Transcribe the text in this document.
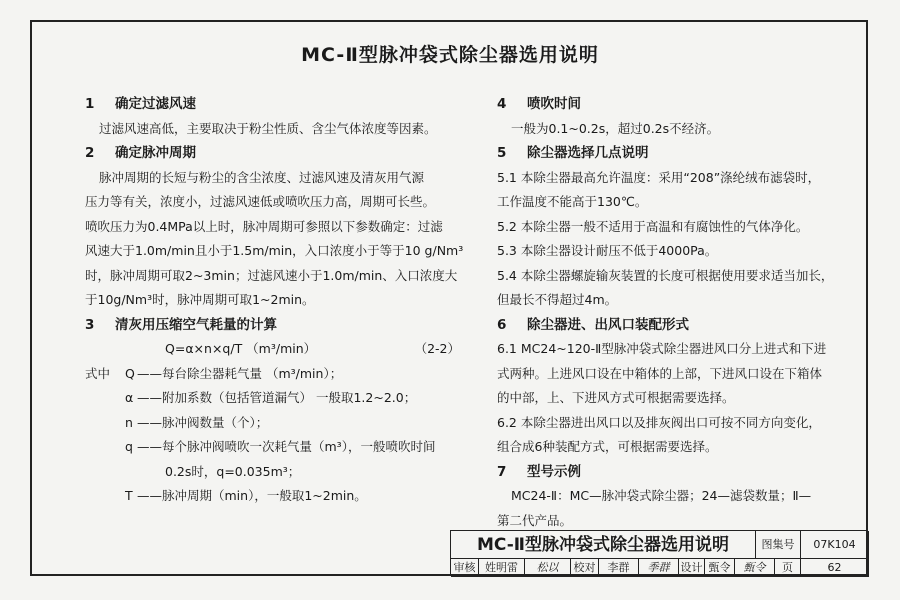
MC-Ⅱ型脉冲袋式除尘器选用说明
1 确定过滤风速
过滤风速高低，主要取决于粉尘性质、含尘气体浓度等因素。
2 确定脉冲周期
脉冲周期的长短与粉尘的含尘浓度、过滤风速及清灰用气源
压力等有关，浓度小，过滤风速低或喷吹压力高，周期可长些。
喷吹压力为0.4MPa以上时，脉冲周期可参照以下参数确定：过滤
风速大于1.0m/min且小于1.5m/min，入口浓度小于等于10 g/Nm³
时，脉冲周期可取2~3min；过滤风速小于1.0m/min、入口浓度大
于10g/Nm³时，脉冲周期可取1~2min。
3 清灰用压缩空气耗量的计算
Q=α×n×q/T （m³/min）	（2-2）
式中 Q ——每台除尘器耗气量 （m³/min）；
α ——附加系数（包括管道漏气） 一般取1.2~2.0；
n ——脉冲阀数量（个）；
q ——每个脉冲阀喷吹一次耗气量（m³），一般喷吹时间
0.2s时，q=0.035m³；
T ——脉冲周期（min），一般取1~2min。
4 喷吹时间
一般为0.1~0.2s，超过0.2s不经济。
5 除尘器选择几点说明
5.1 本除尘器最高允许温度：采用“208”涤纶绒布滤袋时，
工作温度不能高于130℃。
5.2 本除尘器一般不适用于高温和有腐蚀性的气体净化。
5.3 本除尘器设计耐压不低于4000Pa。
5.4 本除尘器螺旋输灰装置的长度可根据使用要求适当加长，
但最长不得超过4m。
6 除尘器进、出风口装配形式
6.1 MC24~120-Ⅱ型脉冲袋式除尘器进风口分上进式和下进
式两种。上进风口设在中箱体的上部，下进风口设在下箱体
的中部，上、下进风方式可根据需要选择。
6.2 本除尘器进出风口以及排灰阀出口可按不同方向变化，
组合成6种装配方式，可根据需要选择。
7 型号示例
MC24-Ⅱ：MC—脉冲袋式除尘器；24—滤袋数量；Ⅱ—
第二代产品。
MC-Ⅱ型脉冲袋式除尘器选用说明	图集号	07K104
审核 姓明雷	松以	校对	李群	季群	设计 甄令	甄令	页	62
